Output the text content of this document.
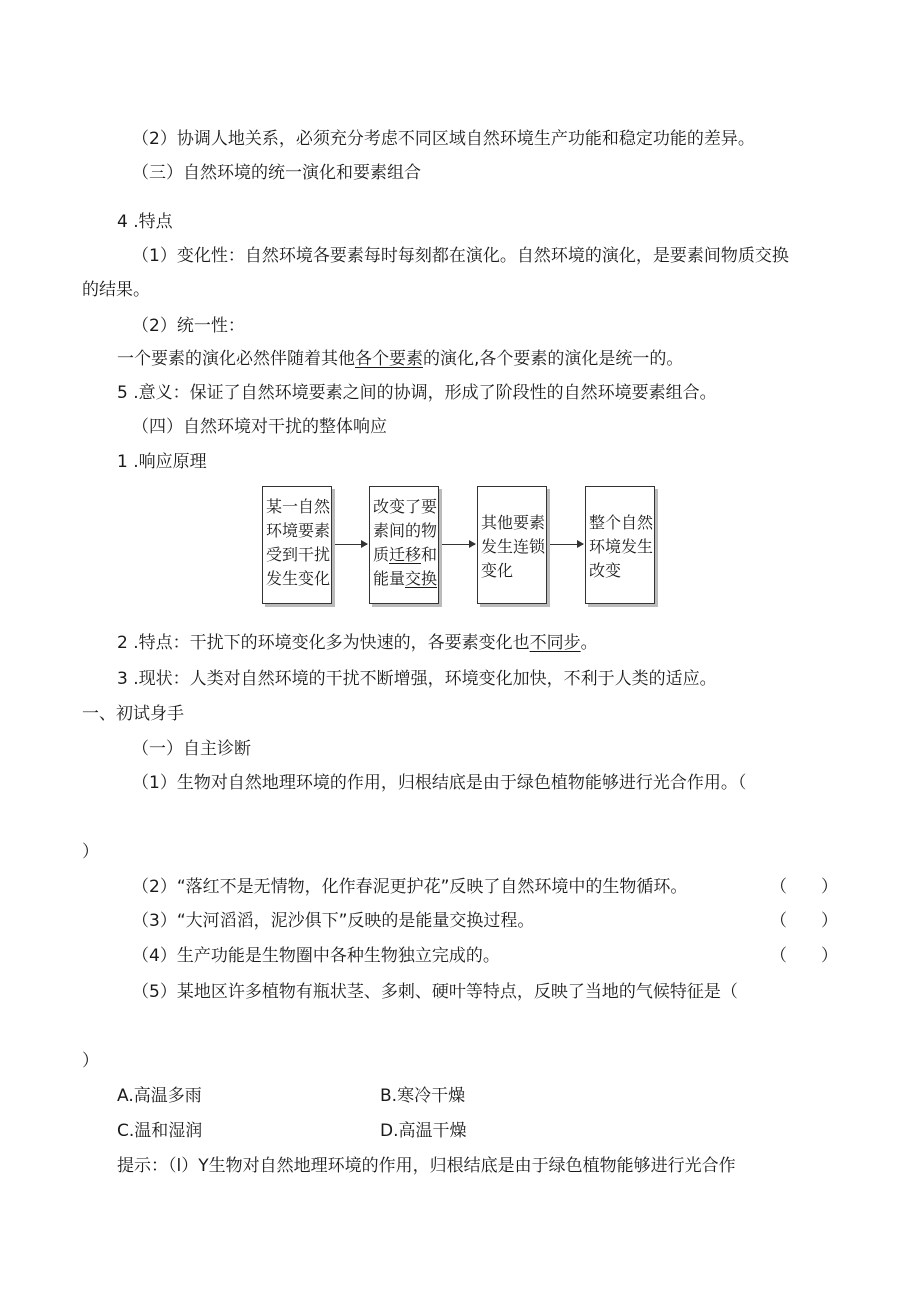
（2）协调人地关系，必须充分考虑不同区域自然环境生产功能和稳定功能的差异。
（三）自然环境的统一演化和要素组合
4 .特点
（1）变化性：自然环境各要素每时每刻都在演化。自然环境的演化，是要素间物质交换
的结果。
（2）统一性：
一个要素的演化必然伴随着其他各个要素的演化,各个要素的演化是统一的。
5 .意义：保证了自然环境要素之间的协调，形成了阶段性的自然环境要素组合。
（四）自然环境对干扰的整体响应
1 .响应原理
某一自然
环境要素
受到干扰
发生变化
改变了要
素间的物
质迁移和
能量交换
其他要素
发生连锁
变化
整个自然
环境发生
改变
2 .特点：干扰下的环境变化多为快速的，各要素变化也不同步。
3 .现状：人类对自然环境的干扰不断增强，环境变化加快，不利于人类的适应。
一、初试身手
（一）自主诊断
（1）生物对自然地理环境的作用，归根结底是由于绿色植物能够进行光合作用。（
）
（2）“落红不是无情物，化作春泥更护花”反映了自然环境中的生物循环。	（　　）
（3）“大河滔滔，泥沙俱下”反映的是能量交换过程。	（　　）
（4）生产功能是生物圈中各种生物独立完成的。	（　　）
（5）某地区许多植物有瓶状茎、多刺、硬叶等特点，反映了当地的气候特征是（
）
A.高温多雨	B.寒冷干燥
C.温和湿润	D.高温干燥
提示：（l）Y生物对自然地理环境的作用，归根结底是由于绿色植物能够进行光合作
